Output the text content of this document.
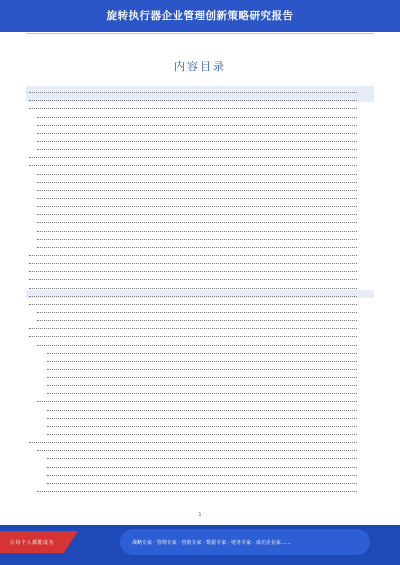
旋转执行器企业管理创新策略研究报告
内容目录
1
让每个人都能成为	战略专家 · 管理专家 · 营销专家 · 数据专家 · 财务专家 · 成功企业家……
